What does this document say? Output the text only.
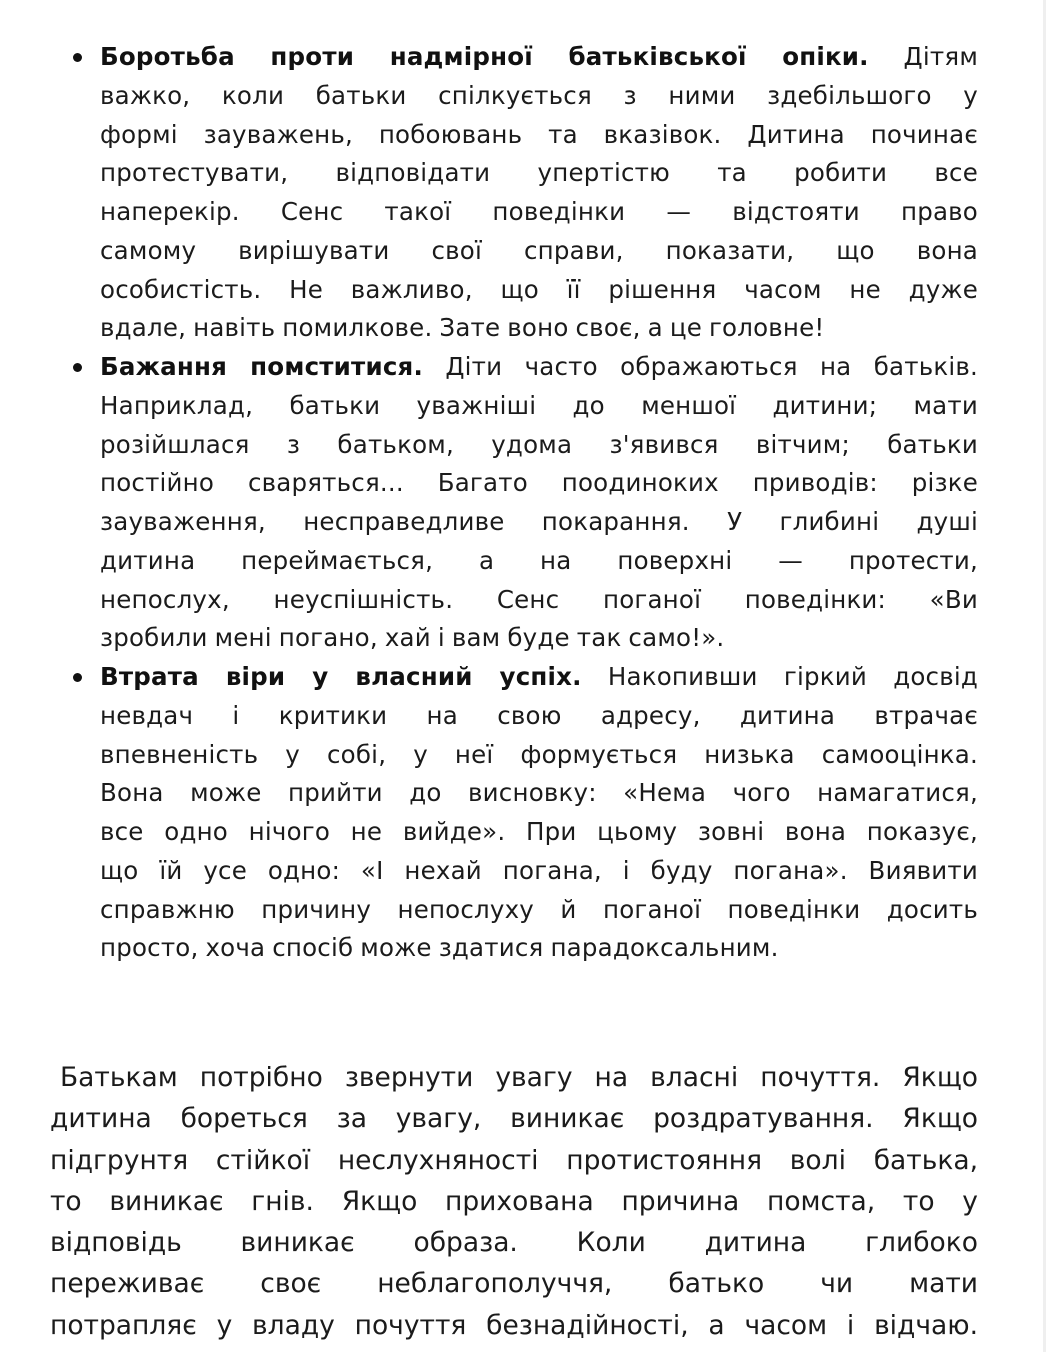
Боротьба проти надмірної батьківської опіки. Дітям
важко, коли батьки спілкується з ними здебільшого у
формі зауважень, побоювань та вказівок. Дитина починає
протестувати, відповідати упертістю та робити все
наперекір. Сенс такої поведінки — відстояти право
самому вирішувати свої справи, показати, що вона
особистість. Не важливо, що її рішення часом не дуже
вдале, навіть помилкове. Зате воно своє, а це головне!
Бажання помститися. Діти часто ображаються на батьків.
Наприклад, батьки уважніші до меншої дитини; мати
розійшлася з батьком, удома з'явився вітчим; батьки
постійно сваряться... Багато поодиноких приводів: різке
зауваження, несправедливе покарання. У глибині душі
дитина переймається, а на поверхні — протести,
непослух, неуспішність. Сенс поганої поведінки: «Ви
зробили мені погано, хай і вам буде так само!».
Втрата віри у власний успіх. Накопивши гіркий досвід
невдач і критики на свою адресу, дитина втрачає
впевненість у собі, у неї формується низька самооцінка.
Вона може прийти до висновку: «Нема чого намагатися,
все одно нічого не вийде». При цьому зовні вона показує,
що їй усе одно: «І нехай погана, і буду погана». Виявити
справжню причину непослуху й поганої поведінки досить
просто, хоча спосіб може здатися парадоксальним.
Батькам потрібно звернути увагу на власні почуття. Якщо
дитина бореться за увагу, виникає роздратування. Якщо
підгрунтя стійкої неслухняності протистояння волі батька,
то виникає гнів. Якщо прихована причина помста, то у
відповідь виникає образа. Коли дитина глибоко
переживає своє неблагополуччя, батько чи мати
потрапляє у владу почуття безнадійності, а часом і відчаю.
